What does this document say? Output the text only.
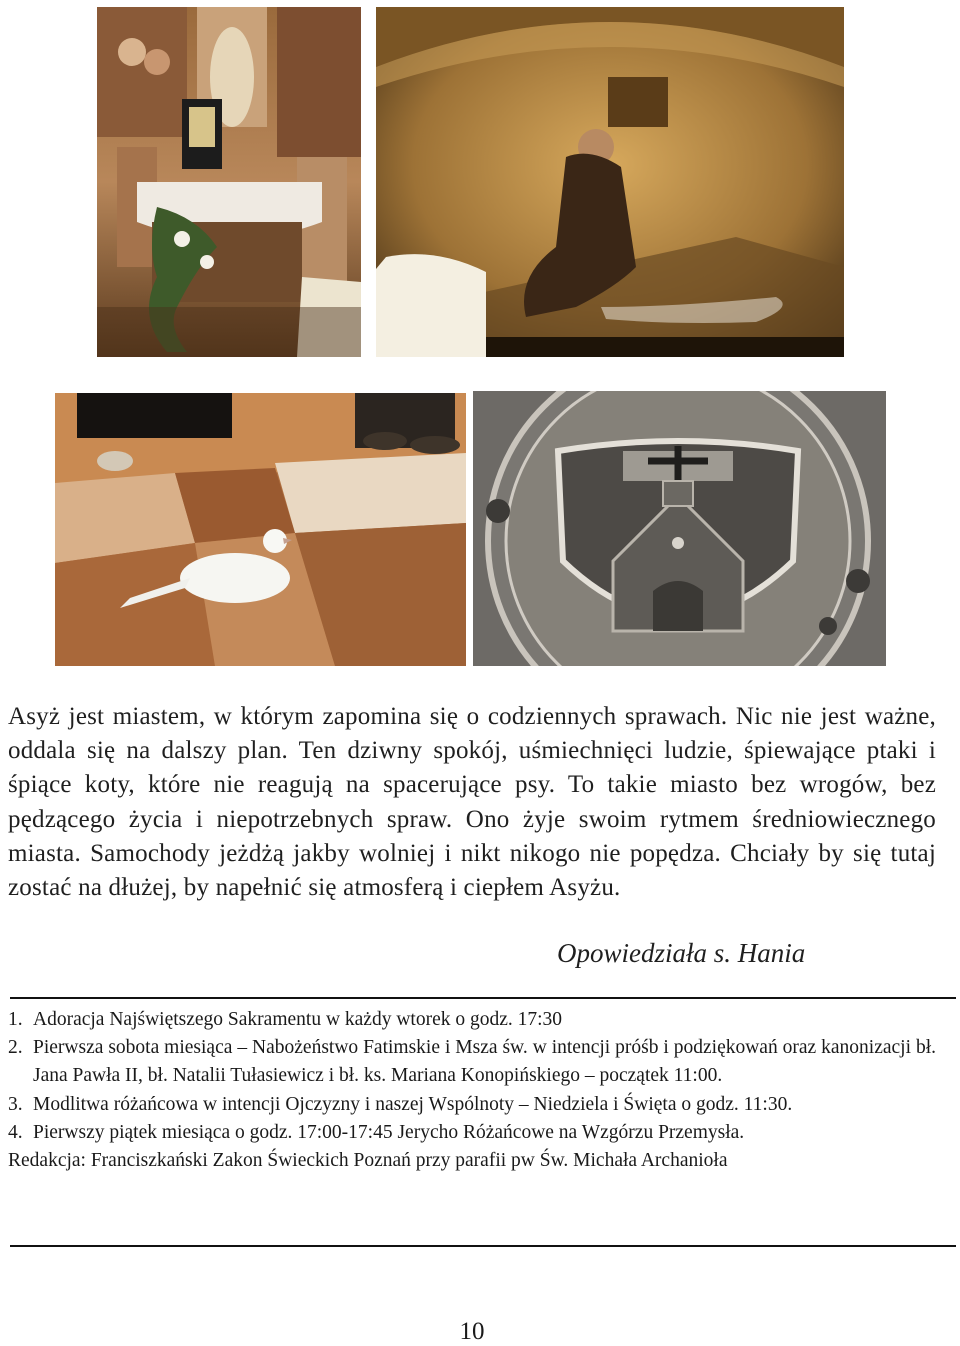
Asyż jest miastem, w którym zapomina się o codziennych sprawach. Nic nie jest ważne, oddala się na dalszy plan. Ten dziwny spokój, uśmiechnięci ludzie, śpiewające ptaki i śpiące koty, które nie reagują na spacerujące psy. To takie miasto bez wrogów, bez pędzącego życia i niepotrzebnych spraw. Ono żyje swoim rytmem średniowiecznego miasta. Samochody jeżdżą jakby wolniej i nikt nikogo nie popędza. Chciały by się tutaj zostać na dłużej, by napełnić się atmosferą i ciepłem Asyżu.

Opowiedziała s. Hania
1. Adoracja Najświętszego Sakramentu w każdy wtorek o godz. 17:30
2. Pierwsza sobota miesiąca – Nabożeństwo Fatimskie i Msza św. w intencji próśb i podziękowań oraz kanonizacji bł. Jana Pawła II, bł. Natalii Tułasiewicz i bł. ks. Mariana Konopińskiego – początek 11:00.
3. Modlitwa różańcowa w intencji Ojczyzny i naszej Wspólnoty – Niedziela i Święta o godz. 11:30.
4. Pierwszy piątek miesiąca o godz. 17:00-17:45 Jerycho Różańcowe na Wzgórzu Przemysła.
Redakcja: Franciszkański Zakon Świeckich Poznań przy parafii pw Św. Michała Archanioła
10
